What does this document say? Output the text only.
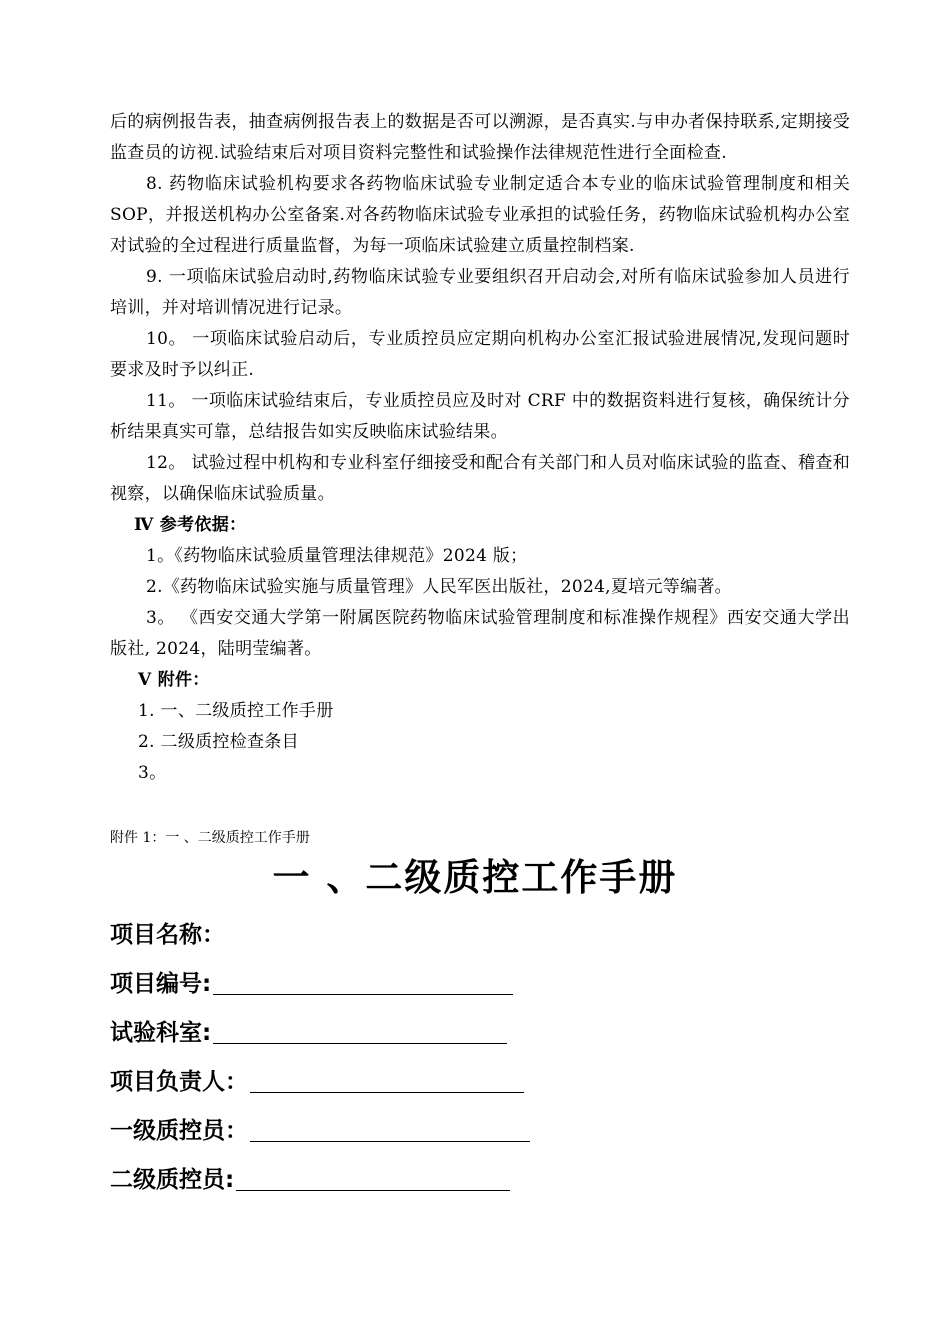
后的病例报告表，抽查病例报告表上的数据是否可以溯源，是否真实.与申办者保持联系,定期接受监查员的访视.试验结束后对项目资料完整性和试验操作法律规范性进行全面检查.

8. 药物临床试验机构要求各药物临床试验专业制定适合本专业的临床试验管理制度和相关 SOP，并报送机构办公室备案.对各药物临床试验专业承担的试验任务，药物临床试验机构办公室对试验的全过程进行质量监督，为每一项临床试验建立质量控制档案.

9. 一项临床试验启动时,药物临床试验专业要组织召开启动会,对所有临床试验参加人员进行培训，并对培训情况进行记录。

10。 一项临床试验启动后，专业质控员应定期向机构办公室汇报试验进展情况,发现问题时要求及时予以纠正.

11。 一项临床试验结束后，专业质控员应及时对 CRF 中的数据资料进行复核，确保统计分析结果真实可靠，总结报告如实反映临床试验结果。

12。 试验过程中机构和专业科室仔细接受和配合有关部门和人员对临床试验的监查、稽查和视察，以确保临床试验质量。

Ⅳ 参考依据：

1。《药物临床试验质量管理法律规范》2024 版；

2.《药物临床试验实施与质量管理》人民军医出版社，2024,夏培元等编著。

3。 《西安交通大学第一附属医院药物临床试验管理制度和标准操作规程》西安交通大学出版社, 2024，陆明莹编著。

Ⅴ 附件：

1. 一、二级质控工作手册

2. 二级质控检查条目

3。

附件 1：一 、二级质控工作手册
一 、二级质控工作手册
项目名称：
项目编号:
试验科室:
项目负责人：
一级质控员：
二级质控员:
